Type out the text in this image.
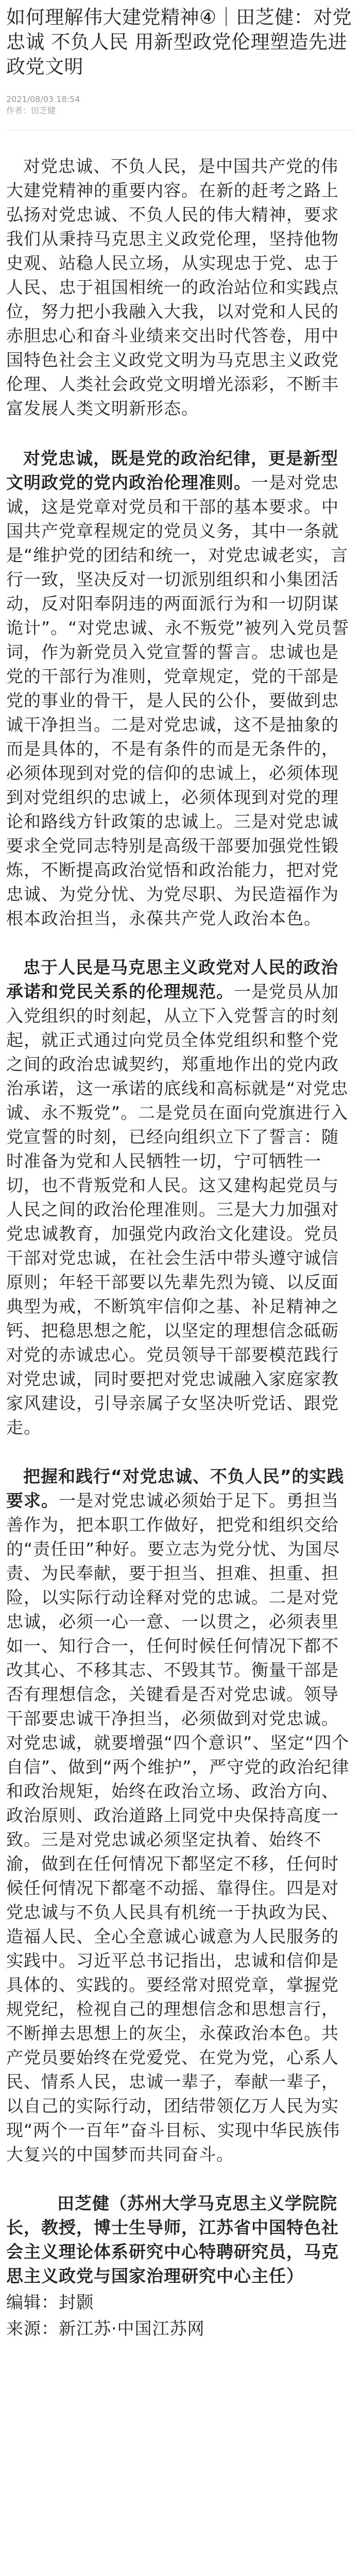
如何理解伟大建党精神④｜田芝健：对党忠诚 不负人民 用新型政党伦理塑造先进政党文明
2021/08/03 18:54
作者：田芝健

对党忠诚、不负人民，是中国共产党的伟大建党精神的重要内容。在新的赶考之路上弘扬对党忠诚、不负人民的伟大精神，要求我们从秉持马克思主义政党伦理，坚持他物史观、站稳人民立场，从实现忠于党、忠于人民、忠于祖国相统一的政治站位和实践点位，努力把小我融入大我，以对党和人民的赤胆忠心和奋斗业绩来交出时代答卷，用中国特色社会主义政党文明为马克思主义政党伦理、人类社会政党文明增光添彩，不断丰富发展人类文明新形态。

对党忠诚，既是党的政治纪律，更是新型文明政党的党内政治伦理准则。一是对党忠诚，这是党章对党员和干部的基本要求。中国共产党章程规定的党员义务，其中一条就是“维护党的团结和统一，对党忠诚老实，言行一致，坚决反对一切派别组织和小集团活动，反对阳奉阴违的两面派行为和一切阴谋诡计”。“对党忠诚、永不叛党”被列入党员誓词，作为新党员入党宣誓的誓言。忠诚也是党的干部行为准则，党章规定，党的干部是党的事业的骨干，是人民的公仆，要做到忠诚干净担当。二是对党忠诚，这不是抽象的而是具体的，不是有条件的而是无条件的，必须体现到对党的信仰的忠诚上，必须体现到对党组织的忠诚上，必须体现到对党的理论和路线方针政策的忠诚上。三是对党忠诚要求全党同志特别是高级干部要加强党性锻炼，不断提高政治觉悟和政治能力，把对党忠诚、为党分忧、为党尽职、为民造福作为根本政治担当，永葆共产党人政治本色。

忠于人民是马克思主义政党对人民的政治承诺和党民关系的伦理规范。一是党员从加入党组织的时刻起，从立下入党誓言的时刻起，就正式通过向党员全体党组织和整个党之间的政治忠诚契约，郑重地作出的党内政治承诺，这一承诺的底线和高标就是“对党忠诚、永不叛党”。二是党员在面向党旗进行入党宣誓的时刻，已经向组织立下了誓言：随时准备为党和人民牺牲一切，宁可牺牲一切，也不背叛党和人民。这又建构起党员与人民之间的政治伦理准则。三是大力加强对党忠诚教育，加强党内政治文化建设。党员干部对党忠诚，在社会生活中带头遵守诚信原则；年轻干部要以先辈先烈为镜、以反面典型为戒，不断筑牢信仰之基、补足精神之钙、把稳思想之舵，以坚定的理想信念砥砺对党的赤诚忠心。党员领导干部要模范践行对党忠诚，同时要把对党忠诚融入家庭家教家风建设，引导亲属子女坚决听党话、跟党走。

把握和践行“对党忠诚、不负人民”的实践要求。一是对党忠诚必须始于足下。勇担当善作为，把本职工作做好，把党和组织交给的“责任田”种好。要立志为党分忧、为国尽责、为民奉献，要于担当、担难、担重、担险，以实际行动诠释对党的忠诚。二是对党忠诚，必须一心一意、一以贯之，必须表里如一、知行合一，任何时候任何情况下都不改其心、不移其志、不毁其节。衡量干部是否有理想信念，关键看是否对党忠诚。领导干部要忠诚干净担当，必须做到对党忠诚。对党忠诚，就要增强“四个意识”、坚定“四个自信”、做到“两个维护”，严守党的政治纪律和政治规矩，始终在政治立场、政治方向、政治原则、政治道路上同党中央保持高度一致。三是对党忠诚必须坚定执着、始终不渝，做到在任何情况下都坚定不移，任何时候任何情况下都毫不动摇、靠得住。四是对党忠诚与不负人民具有机统一于执政为民、造福人民、全心全意诚心诚意为人民服务的实践中。习近平总书记指出，忠诚和信仰是具体的、实践的。要经常对照党章，掌握党规党纪，检视自己的理想信念和思想言行，不断掸去思想上的灰尘，永葆政治本色。共产党员要始终在党爱党、在党为党，心系人民、情系人民，忠诚一辈子，奉献一辈子，以自己的实际行动，团结带领亿万人民为实现“两个一百年”奋斗目标、实现中华民族伟大复兴的中国梦而共同奋斗。

田芝健（苏州大学马克思主义学院院长，教授，博士生导师，江苏省中国特色社会主义理论体系研究中心特聘研究员，马克思主义政党与国家治理研究中心主任）

编辑：封颢
来源：新江苏·中国江苏网
